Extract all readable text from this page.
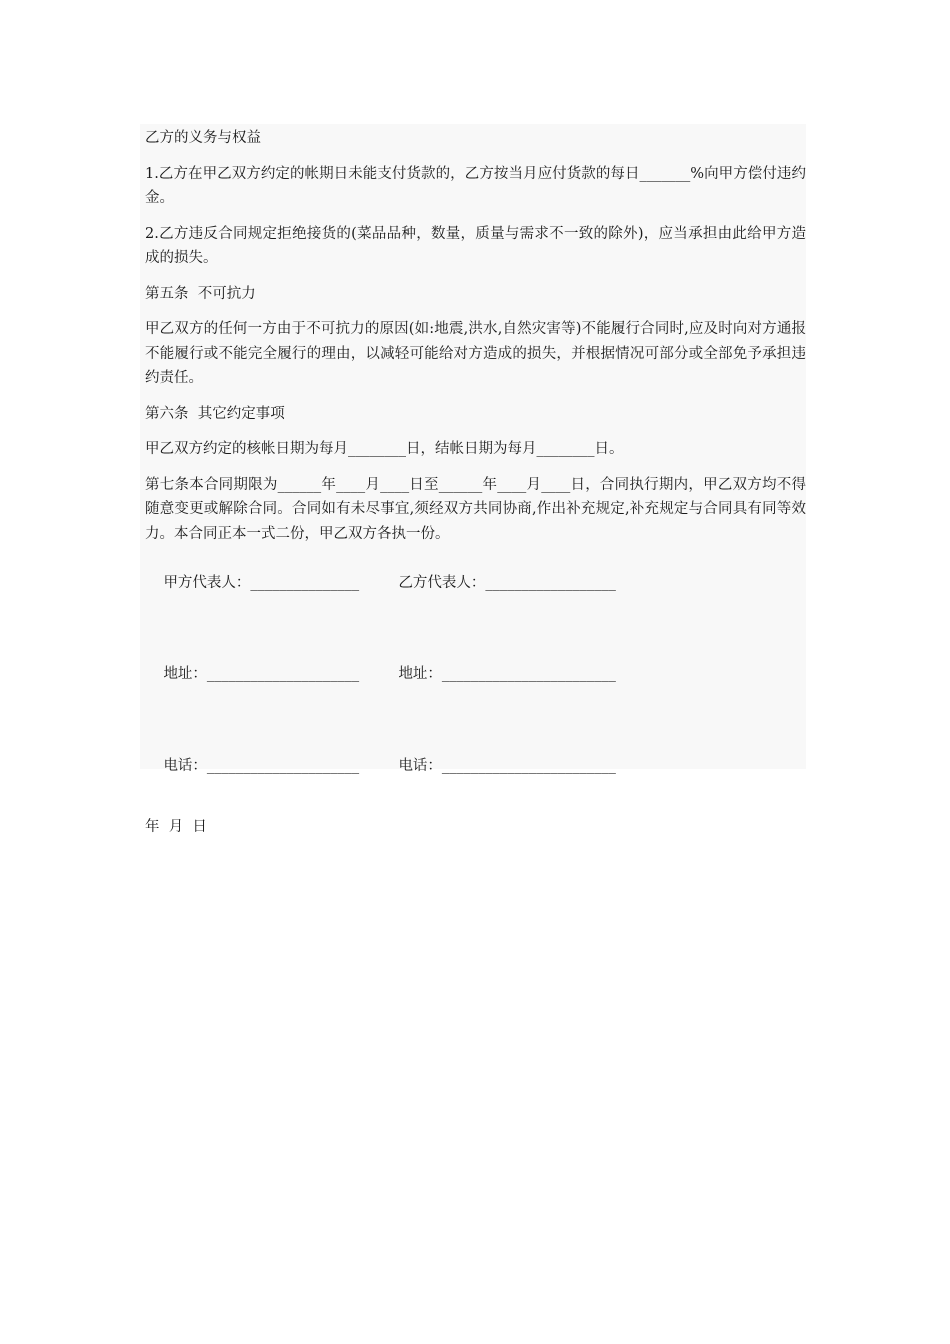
乙方的义务与权益

1.乙方在甲乙双方约定的帐期日未能支付货款的，乙方按当月应付货款的每日_______%向甲方偿付违约金。

2.乙方违反合同规定拒绝接货的(菜品品种，数量，质量与需求不一致的除外)，应当承担由此给甲方造成的损失。

第五条  不可抗力

甲乙双方的任何一方由于不可抗力的原因(如:地震,洪水,自然灾害等)不能履行合同时,应及时向对方通报不能履行或不能完全履行的理由，以减轻可能给对方造成的损失，并根据情况可部分或全部免予承担违约责任。

第六条  其它约定事项

甲乙双方约定的核帐日期为每月________日，结帐日期为每月________日。

第七条本合同期限为______年____月____日至______年____月____日，合同执行期内，甲乙双方均不得随意变更或解除合同。合同如有未尽事宜,须经双方共同协商,作出补充规定,补充规定与合同具有同等效力。本合同正本一式二份，甲乙双方各执一份。

甲方代表人：_______________	乙方代表人：__________________

地址：_____________________	地址：________________________

电话：_____________________	电话：________________________

年  月  日
